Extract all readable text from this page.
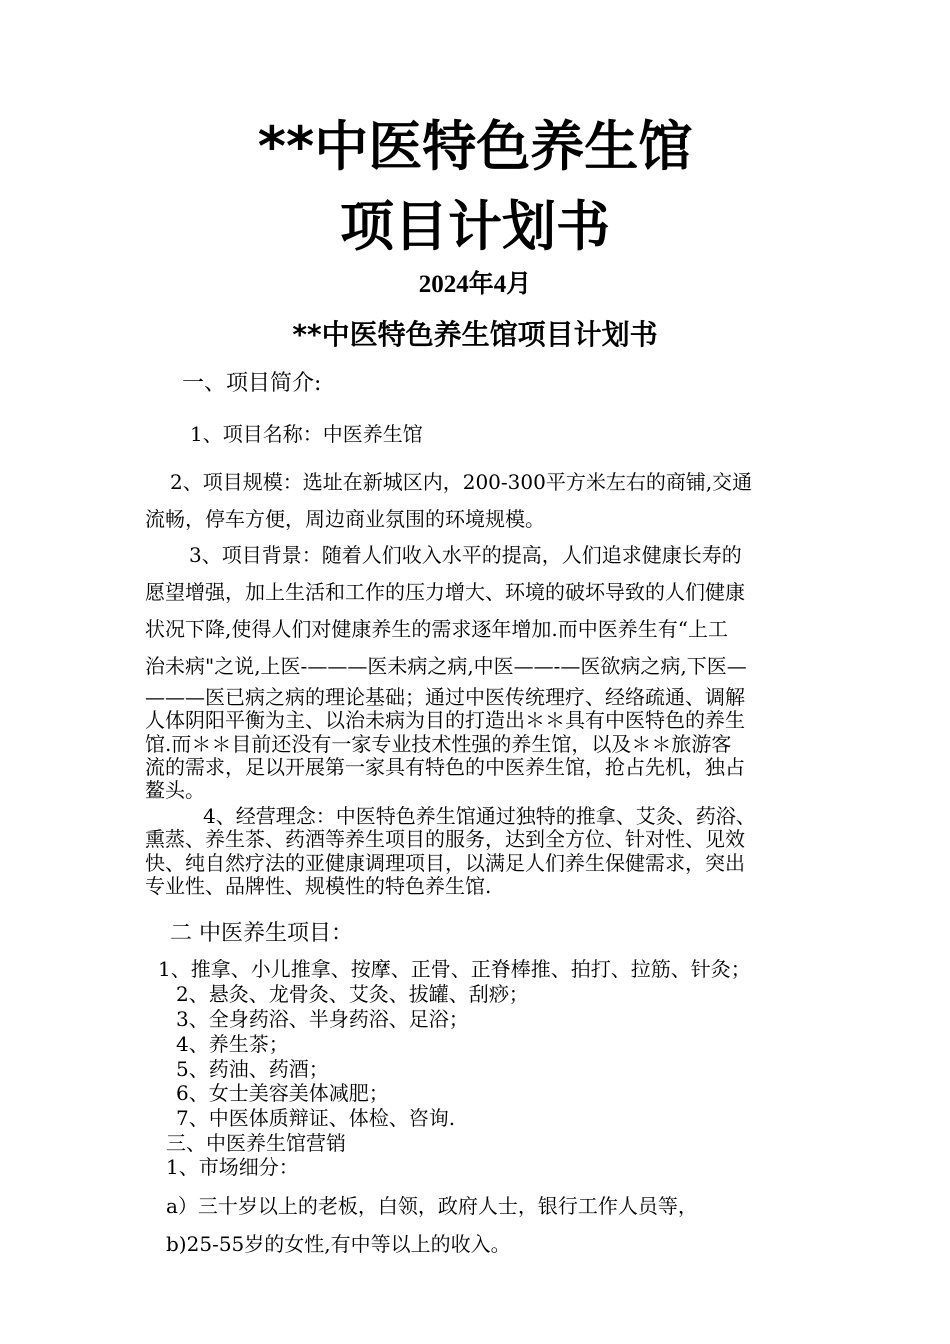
**中医特色养生馆
项目计划书
2024年4月
**中医特色养生馆项目计划书
一、项目简介:
1、项目名称：中医养生馆

2、项目规模：选址在新城区内，200-300平方米左右的商铺,交通

流畅，停车方便，周边商业氛围的环境规模。

3、项目背景：随着人们收入水平的提高，人们追求健康长寿的

愿望增强，加上生活和工作的压力增大、环境的破坏导致的人们健康

状况下降,使得人们对健康养生的需求逐年增加.而中医养生有“上工

治未病"之说,上医-———医未病之病,中医——-—医欲病之病,下医—

———医已病之病的理论基础；通过中医传统理疗、经络疏通、调解

人体阴阳平衡为主、以治未病为目的打造出＊＊具有中医特色的养生

馆.而＊＊目前还没有一家专业技术性强的养生馆，以及＊＊旅游客

流的需求，足以开展第一家具有特色的中医养生馆，抢占先机，独占

鳌头。

4、经营理念：中医特色养生馆通过独特的推拿、艾灸、药浴、

熏蒸、养生茶、药酒等养生项目的服务，达到全方位、针对性、见效

快、纯自然疗法的亚健康调理项目，以满足人们养生保健需求，突出

专业性、品牌性、规模性的特色养生馆.

二 中医养生项目：
1、推拿、小儿推拿、按摩、正骨、正脊棒推、拍打、拉筋、针灸；
2、悬灸、龙骨灸、艾灸、拔罐、刮痧；
3、全身药浴、半身药浴、足浴；
4、养生茶；
5、药油、药酒；
6、女士美容美体减肥；
7、中医体质辩证、体检、咨询.
三、中医养生馆营销
1、市场细分：
a）三十岁以上的老板，白领，政府人士，银行工作人员等，
b)25-55岁的女性,有中等以上的收入。
